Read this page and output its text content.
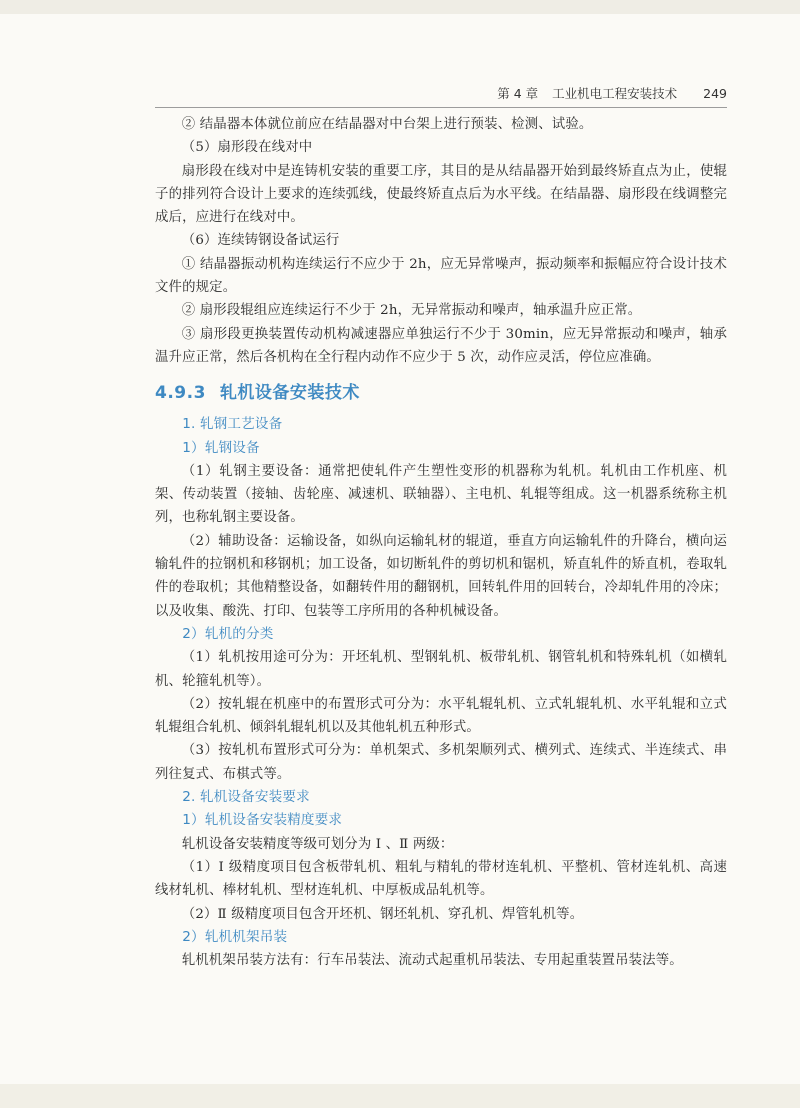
第 4 章 工业机电工程安装技术 249

② 结晶器本体就位前应在结晶器对中台架上进行预装、检测、试验。

（5）扇形段在线对中

扇形段在线对中是连铸机安装的重要工序，其目的是从结晶器开始到最终矫直点为止，使辊子的排列符合设计上要求的连续弧线，使最终矫直点后为水平线。在结晶器、扇形段在线调整完成后，应进行在线对中。

（6）连续铸钢设备试运行

① 结晶器振动机构连续运行不应少于 2h，应无异常噪声，振动频率和振幅应符合设计技术文件的规定。

② 扇形段辊组应连续运行不少于 2h，无异常振动和噪声，轴承温升应正常。

③ 扇形段更换装置传动机构减速器应单独运行不少于 30min，应无异常振动和噪声，轴承温升应正常，然后各机构在全行程内动作不应少于 5 次，动作应灵活，停位应准确。

4.9.3 轧机设备安装技术
1. 轧钢工艺设备
1）轧钢设备

（1）轧钢主要设备：通常把使轧件产生塑性变形的机器称为轧机。轧机由工作机座、机架、传动装置（接轴、齿轮座、减速机、联轴器）、主电机、轧辊等组成。这一机器系统称主机列，也称轧钢主要设备。

（2）辅助设备：运输设备，如纵向运输轧材的辊道，垂直方向运输轧件的升降台，横向运输轧件的拉钢机和移钢机；加工设备，如切断轧件的剪切机和锯机，矫直轧件的矫直机，卷取轧件的卷取机；其他精整设备，如翻转件用的翻钢机，回转轧件用的回转台，冷却轧件用的冷床；以及收集、酸洗、打印、包装等工序所用的各种机械设备。

2）轧机的分类

（1）轧机按用途可分为：开坯轧机、型钢轧机、板带轧机、钢管轧机和特殊轧机（如横轧机、轮箍轧机等）。

（2）按轧辊在机座中的布置形式可分为：水平轧辊轧机、立式轧辊轧机、水平轧辊和立式轧辊组合轧机、倾斜轧辊轧机以及其他轧机五种形式。

（3）按轧机布置形式可分为：单机架式、多机架顺列式、横列式、连续式、半连续式、串列往复式、布棋式等。

2. 轧机设备安装要求
1）轧机设备安装精度要求

轧机设备安装精度等级可划分为 Ⅰ 、Ⅱ 两级：

（1）Ⅰ 级精度项目包含板带轧机、粗轧与精轧的带材连轧机、平整机、管材连轧机、高速线材轧机、棒材轧机、型材连轧机、中厚板成品轧机等。

（2）Ⅱ 级精度项目包含开坯机、钢坯轧机、穿孔机、焊管轧机等。

2）轧机机架吊装

轧机机架吊装方法有：行车吊装法、流动式起重机吊装法、专用起重装置吊装法等。
